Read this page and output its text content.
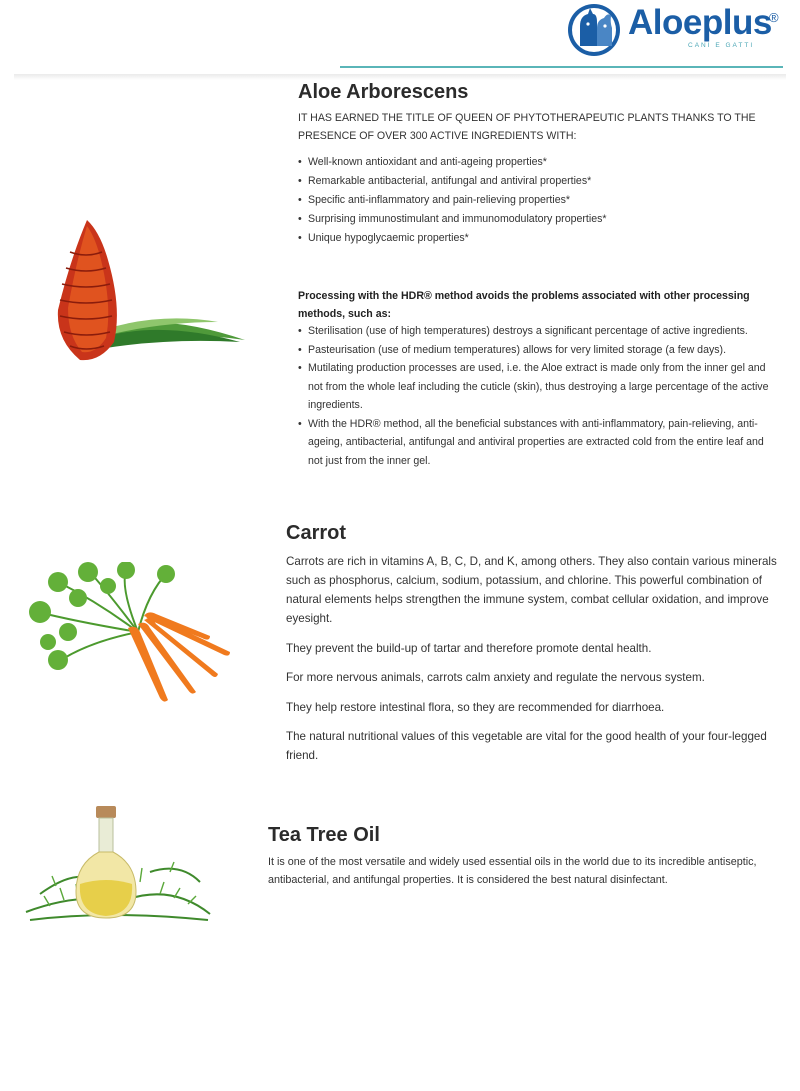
Aloeplus
®
CANI E GATTI
Aloe Arborescens

IT HAS EARNED THE TITLE OF QUEEN OF PHYTOTHERAPEUTIC PLANTS THANKS TO THE PRESENCE OF OVER 300 ACTIVE INGREDIENTS WITH:

• Well-known antioxidant and anti-ageing properties*
• Remarkable antibacterial, antifungal and antiviral properties*
• Specific anti-inflammatory and pain-relieving properties*
• Surprising immunostimulant and immunomodulatory properties*
• Unique hypoglycaemic properties*

Processing with the HDR® method avoids the problems associated with other processing methods, such as:

• Sterilisation (use of high temperatures) destroys a significant percentage of active ingredients.
• Pasteurisation (use of medium temperatures) allows for very limited storage (a few days).
• Mutilating production processes are used, i.e. the Aloe extract is made only from the inner gel and not from the whole leaf including the cuticle (skin), thus destroying a large percentage of the active ingredients.
• With the HDR® method, all the beneficial substances with anti-inflammatory, pain-relieving, anti-ageing, antibacterial, antifungal and antiviral properties are extracted cold from the entire leaf and not just from the inner gel.
Carrot

Carrots are rich in vitamins A, B, C, D, and K, among others. They also contain various minerals such as phosphorus, calcium, sodium, potassium, and chlorine. This powerful combination of natural elements helps strengthen the immune system, combat cellular oxidation, and improve eyesight.

They prevent the build-up of tartar and therefore promote dental health.

For more nervous animals, carrots calm anxiety and regulate the nervous system.

They help restore intestinal flora, so they are recommended for diarrhoea.

The natural nutritional values of this vegetable are vital for the good health of your four-legged friend.

Tea Tree Oil

It is one of the most versatile and widely used essential oils in the world due to its incredible antiseptic, antibacterial, and antifungal properties. It is considered the best natural disinfectant.
